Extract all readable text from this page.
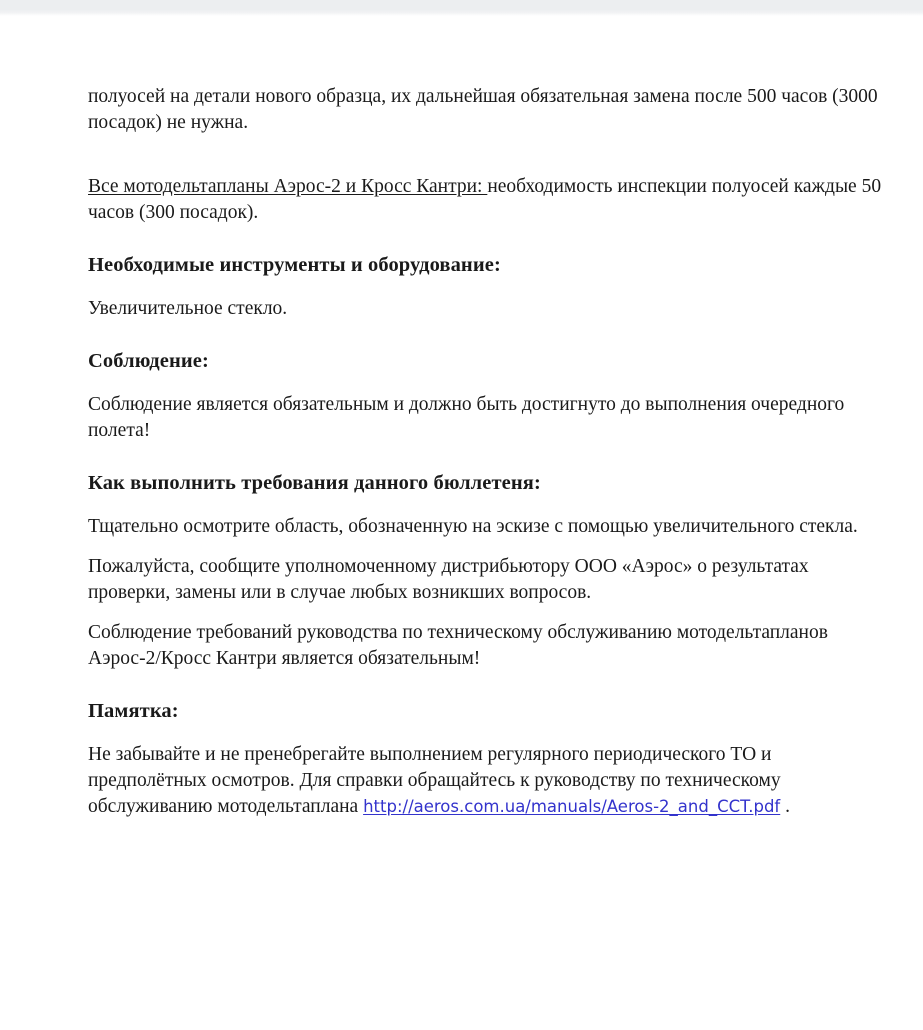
полуосей на детали нового образца, их дальнейшая обязательная замена после 500 часов (3000 посадок) не нужна.

Все мотодельтапланы Аэрос-2 и Кросс Кантри: необходимость инспекции полуосей каждые 50 часов (300 посадок).

Необходимые инструменты и оборудование:

Увеличительное стекло.

Соблюдение:

Соблюдение является обязательным и должно быть достигнуто до выполнения очередного полета!

Как выполнить требования данного бюллетеня:

Тщательно осмотрите область, обозначенную на эскизе с помощью увеличительного стекла.

Пожалуйста, сообщите уполномоченному дистрибьютору ООО «Аэрос» о результатах проверки, замены или в случае любых возникших вопросов.

Соблюдение требований руководства по техническому обслуживанию мотодельтапланов Аэрос-2/Кросс Кантри является обязательным!

Памятка:

Не забывайте и не пренебрегайте выполнением регулярного периодического ТО и предполётных осмотров. Для справки обращайтесь к руководству по техническому обслуживанию мотодельтаплана http://aeros.com.ua/manuals/Aeros-2_and_CCT.pdf .
